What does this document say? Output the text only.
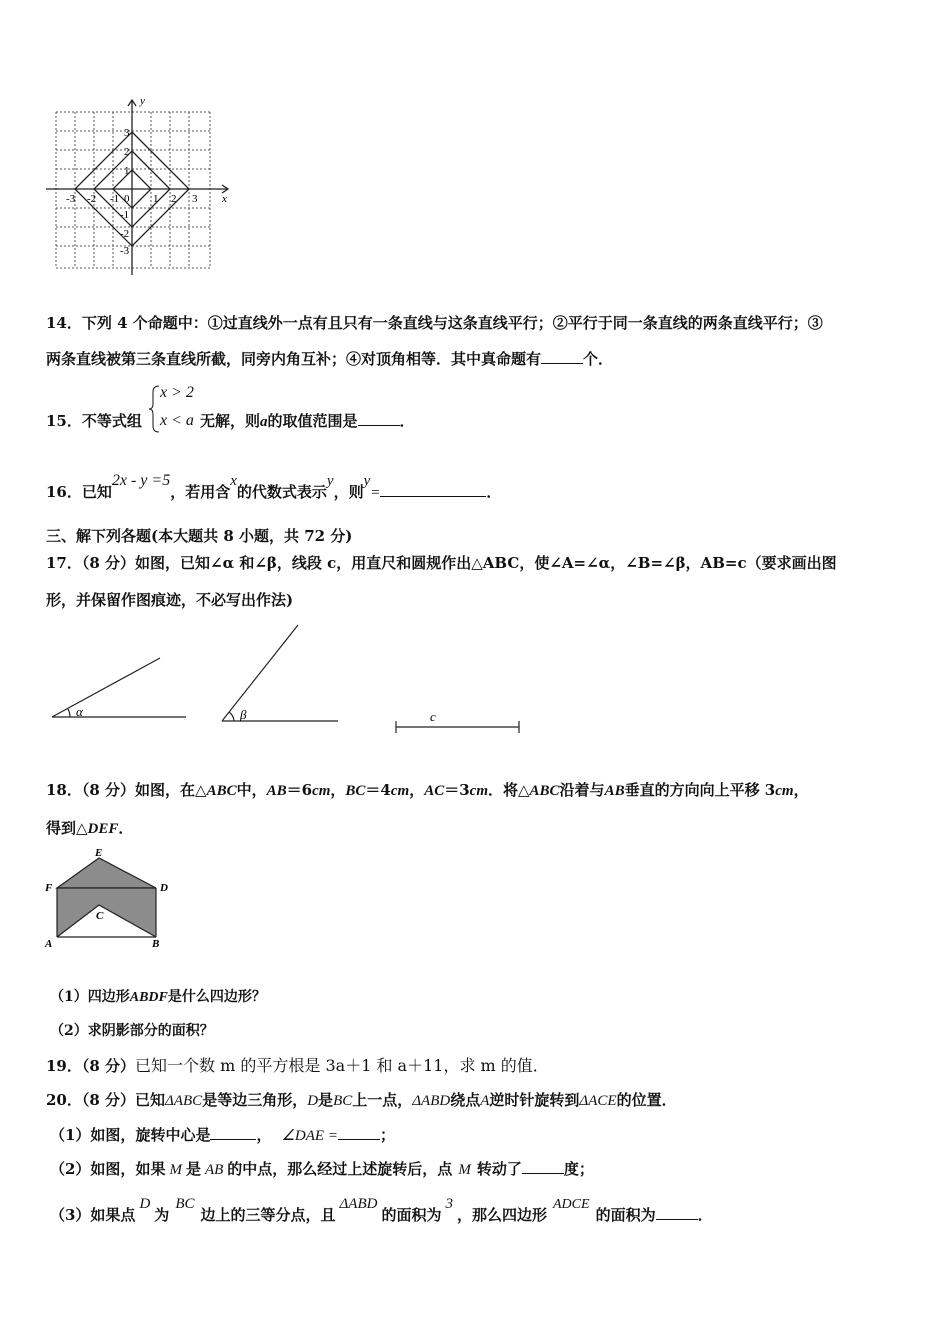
y
x
-3 -2 -1 0 1 2 3
3
2
1
-1
-2
-3
14．下列 4 个命题中：①过直线外一点有且只有一条直线与这条直线平行；②平行于同一条直线的两条直线平行；③
两条直线被第三条直线所截，同旁内角互补；④对顶角相等．其中真命题有	个．
15．不等式组
x > 2
x < a 无解，则a的取值范围是	．
16．已知2x - y =5，若用含x的代数式表示y，则y=	．
三、解下列各题(本大题共 8 小题，共 72 分)
17．（8 分）如图，已知∠α 和∠β，线段 c，用直尺和圆规作出△ABC，使∠A=∠α，∠B=∠β，AB=c（要求画出图
形，并保留作图痕迹，不必写出作法)
α	β	c
18．（8 分）如图，在△ABC中，AB＝6cm，BC＝4cm，AC＝3cm．将△ABC沿着与AB垂直的方向向上平移 3cm，
得到△DEF．
E
F	D
C
A	B
（1）四边形ABDF是什么四边形？
（2）求阴影部分的面积？
19．（8 分）已知一个数 m 的平方根是 3a＋1 和 a＋11，求 m 的值．
20．（8 分）已知ΔABC是等边三角形，D是BC上一点，ΔABD绕点A逆时针旋转到ΔACE的位置．
（1）如图，旋转中心是	， ∠DAE =	；
（2）如图，如果 M 是 AB 的中点，那么经过上述旋转后，点 M 转动了	度；
（3）如果点D为BC边上的三等分点，且ΔABD的面积为3，那么四边形ADCE的面积为	．
